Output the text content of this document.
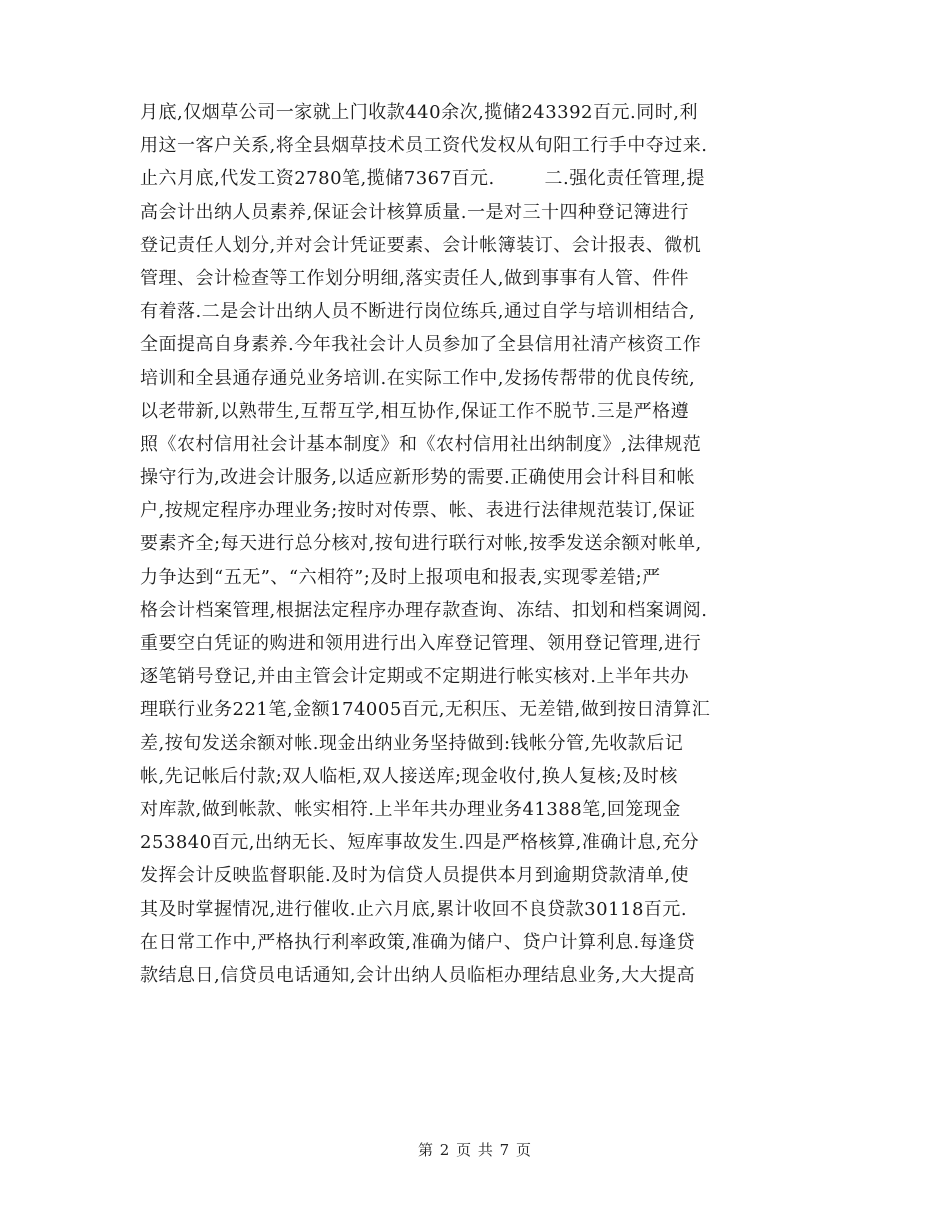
月底,仅烟草公司一家就上门收款440余次,揽储243392百元.同时,利
用这一客户关系,将全县烟草技术员工资代发权从旬阳工行手中夺过来.
止六月底,代发工资2780笔,揽储7367百元.        二.强化责任管理,提
高会计出纳人员素养,保证会计核算质量.一是对三十四种登记簿进行
登记责任人划分,并对会计凭证要素、会计帐簿装订、会计报表、微机
管理、会计检查等工作划分明细,落实责任人,做到事事有人管、件件
有着落.二是会计出纳人员不断进行岗位练兵,通过自学与培训相结合,
全面提高自身素养.今年我社会计人员参加了全县信用社清产核资工作
培训和全县通存通兑业务培训.在实际工作中,发扬传帮带的优良传统,
以老带新,以熟带生,互帮互学,相互协作,保证工作不脱节.三是严格遵
照《农村信用社会计基本制度》和《农村信用社出纳制度》,法律规范
操守行为,改进会计服务,以适应新形势的需要.正确使用会计科目和帐
户,按规定程序办理业务;按时对传票、帐、表进行法律规范装订,保证
要素齐全;每天进行总分核对,按旬进行联行对帐,按季发送余额对帐单,
力争达到“五无”、“六相符”;及时上报项电和报表,实现零差错;严
格会计档案管理,根据法定程序办理存款查询、冻结、扣划和档案调阅.
重要空白凭证的购进和领用进行出入库登记管理、领用登记管理,进行
逐笔销号登记,并由主管会计定期或不定期进行帐实核对.上半年共办
理联行业务221笔,金额174005百元,无积压、无差错,做到按日清算汇
差,按旬发送余额对帐.现金出纳业务坚持做到:钱帐分管,先收款后记
帐,先记帐后付款;双人临柜,双人接送库;现金收付,换人复核;及时核
对库款,做到帐款、帐实相符.上半年共办理业务41388笔,回笼现金
253840百元,出纳无长、短库事故发生.四是严格核算,准确计息,充分
发挥会计反映监督职能.及时为信贷人员提供本月到逾期贷款清单,使
其及时掌握情况,进行催收.止六月底,累计收回不良贷款30118百元.
在日常工作中,严格执行利率政策,准确为储户、贷户计算利息.每逢贷
款结息日,信贷员电话通知,会计出纳人员临柜办理结息业务,大大提高
第 2 页 共 7 页
